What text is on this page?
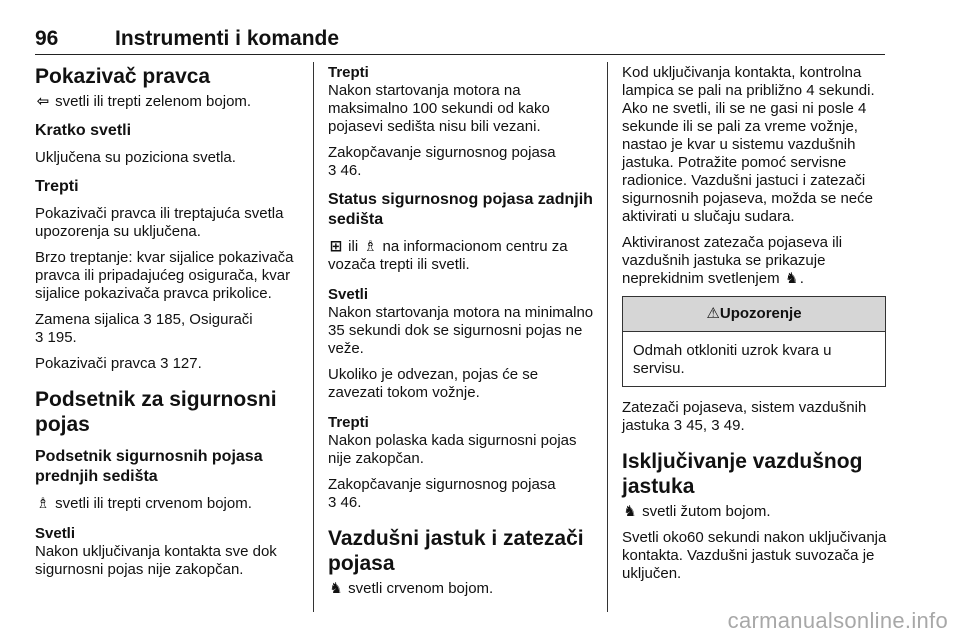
96	Instrumenti i komande
Pokazivač pravca

⇦ svetli ili trepti zelenom bojom.

Kratko svetli

Uključena su poziciona svetla.

Trepti

Pokazivači pravca ili treptajuća svetla upozorenja su uključena.

Brzo treptanje: kvar sijalice pokazivača pravca ili pripadajućeg osigurača, kvar sijalice pokazivača pravca prikolice.

Zamena sijalica 3 185, Osigurači
3 195.

Pokazivači pravca 3 127.

Podsetnik za sigurnosni pojas
Podsetnik sigurnosnih pojasa prednjih sedišta

♗ svetli ili trepti crvenom bojom.

Svetli

Nakon uključivanja kontakta sve dok sigurnosni pojas nije zakopčan.

Trepti

Nakon startovanja motora na maksimalno 100 sekundi od kako pojasevi sedišta nisu bili vezani.

Zakopčavanje sigurnosnog pojasa
3 46.

Status sigurnosnog pojasa zadnjih sedišta

⊞ ili ♗ na informacionom centru za vozača trepti ili svetli.

Svetli

Nakon startovanja motora na minimalno 35 sekundi dok se sigurnosni pojas ne veže.

Ukoliko je odvezan, pojas će se zavezati tokom vožnje.

Trepti

Nakon polaska kada sigurnosni pojas nije zakopčan.

Zakopčavanje sigurnosnog pojasa
3 46.

Vazdušni jastuk i zatezači pojasa

♞ svetli crvenom bojom.

Kod uključivanja kontakta, kontrolna lampica se pali na približno 4 sekundi. Ako ne svetli, ili se ne gasi ni posle 4 sekunde ili se pali za vreme vožnje, nastao je kvar u sistemu vazdušnih jastuka. Potražite pomoć servisne radionice. Vazdušni jastuci i zatezači sigurnosnih pojaseva, možda se neće aktivirati u slučaju sudara.

Aktiviranost zatezača pojaseva ili vazdušnih jastuka se prikazuje neprekidnim svetlenjem ♞.

⚠Upozorenje
Odmah otkloniti uzrok kvara u servisu.

Zatezači pojaseva, sistem vazdušnih jastuka 3 45, 3 49.

Isključivanje vazdušnog jastuka

♞ svetli žutom bojom.

Svetli oko60 sekundi nakon uključivanja kontakta. Vazdušni jastuk suvozača je uključen.

carmanualsonline.info
